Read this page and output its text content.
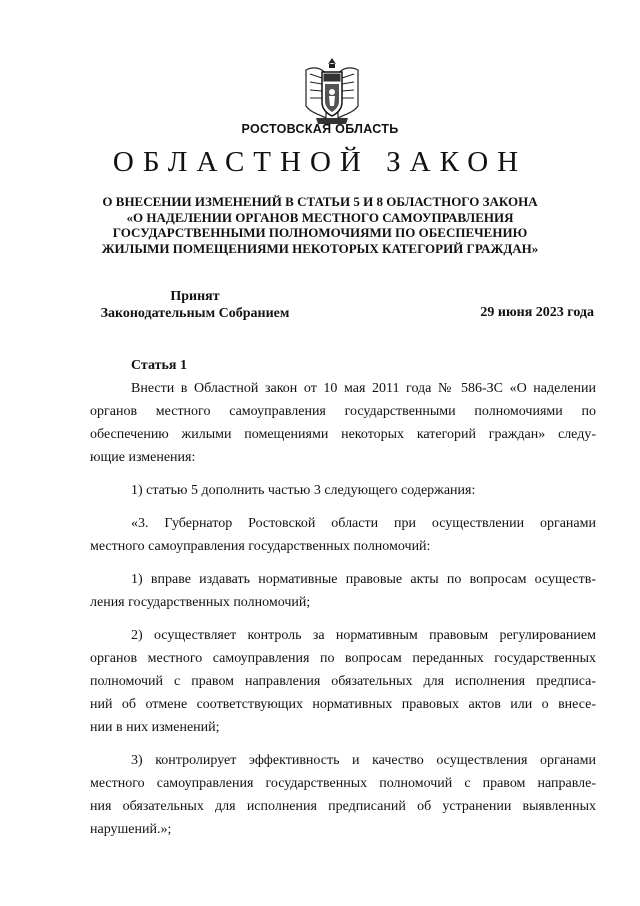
РОСТОВСКАЯ ОБЛАСТЬ
ОБЛАСТНОЙ ЗАКОН
О ВНЕСЕНИИ ИЗМЕНЕНИЙ В СТАТЬИ 5 И 8 ОБЛАСТНОГО ЗАКОНА
«О НАДЕЛЕНИИ ОРГАНОВ МЕСТНОГО САМОУПРАВЛЕНИЯ
ГОСУДАРСТВЕННЫМИ ПОЛНОМОЧИЯМИ ПО ОБЕСПЕЧЕНИЮ
ЖИЛЫМИ ПОМЕЩЕНИЯМИ НЕКОТОРЫХ КАТЕГОРИЙ ГРАЖДАН»
Принят
Законодательным Собранием	29 июня 2023 года
Статья 1
Внести в Областной закон от 10 мая 2011 года № 586-ЗС «О наделении
органов местного самоуправления государственными полномочиями по
обеспечению жилыми помещениями некоторых категорий граждан» следу-
ющие изменения:
1) статью 5 дополнить частью 3 следующего содержания:
«3. Губернатор Ростовской области при осуществлении органами
местного самоуправления государственных полномочий:
1) вправе издавать нормативные правовые акты по вопросам осуществ-
ления государственных полномочий;
2) осуществляет контроль за нормативным правовым регулированием
органов местного самоуправления по вопросам переданных государственных
полномочий с правом направления обязательных для исполнения предписа-
ний об отмене соответствующих нормативных правовых актов или о внесе-
нии в них изменений;
3) контролирует эффективность и качество осуществления органами
местного самоуправления государственных полномочий с правом направле-
ния обязательных для исполнения предписаний об устранении выявленных
нарушений.»;
